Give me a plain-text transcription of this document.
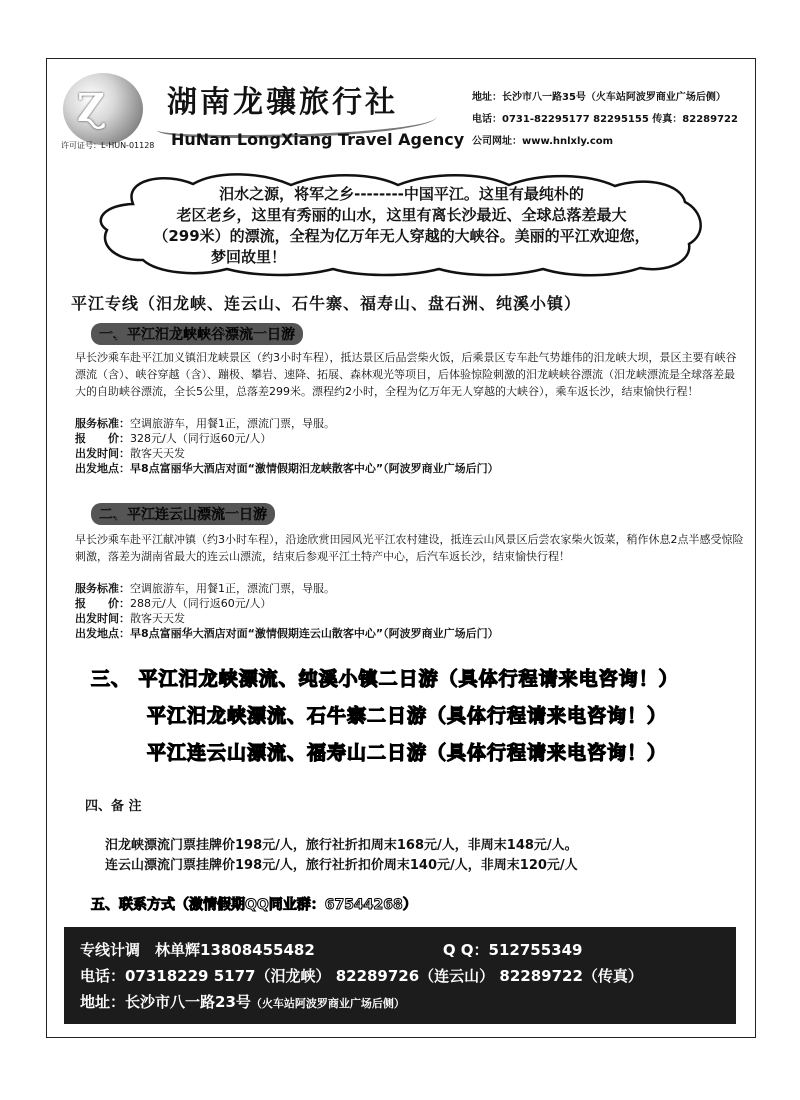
Ɀ
许可证号：L-HUN-01128
湖南龙骧旅行社
HuNan LongXiang Travel Agency
地址：长沙市八一路35号（火车站阿波罗商业广场后侧）
电话：0731-82295177 82295155 传真：82289722
公司网址：www.hnlxly.com
汨水之源，将军之乡--------中国平江。这里有最纯朴的
老区老乡，这里有秀丽的山水，这里有离长沙最近、全球总落差最大
（299米）的漂流，全程为亿万年无人穿越的大峡谷。美丽的平江欢迎您，
梦回故里！
平江专线（汨龙峡、连云山、石牛寨、福寿山、盘石洲、纯溪小镇）
一、平江汨龙峡峡谷漂流一日游
早长沙乘车赴平江加义镇汨龙峡景区（约3小时车程），抵达景区后品尝柴火饭，后乘景区专车赴气势雄伟的汨龙峡大坝，景区主要有峡谷漂流（含）、峡谷穿越（含）、蹦极、攀岩、速降、拓展、森林观光等项目，后体验惊险刺激的汨龙峡峡谷漂流（汨龙峡漂流是全球落差最大的自助峡谷漂流，全长5公里，总落差299米。漂程约2小时，全程为亿万年无人穿越的大峡谷），乘车返长沙，结束愉快行程！
服务标准：空调旅游车，用餐1正，漂流门票，导服。
报　　价：328元/人（同行返60元/人）
出发时间：散客天天发
出发地点：早8点富丽华大酒店对面“激情假期汨龙峡散客中心”（阿波罗商业广场后门）
二、平江连云山漂流一日游
早长沙乘车赴平江献冲镇（约3小时车程），沿途欣赏田园风光平江农村建设，抵连云山风景区后尝农家柴火饭菜，稍作休息2点半感受惊险刺激，落差为湖南省最大的连云山漂流，结束后参观平江土特产中心，后汽车返长沙，结束愉快行程！
服务标准：空调旅游车，用餐1正，漂流门票，导服。
报　　价：288元/人（同行返60元/人）
出发时间：散客天天发
出发地点：早8点富丽华大酒店对面“激情假期连云山散客中心”（阿波罗商业广场后门）
三、 平江汨龙峡漂流、纯溪小镇二日游（具体行程请来电咨询！）
平江汨龙峡漂流、石牛寨二日游（具体行程请来电咨询！）
平江连云山漂流、福寿山二日游（具体行程请来电咨询！）
四、备 注
汨龙峡漂流门票挂牌价198元/人，旅行社折扣周末168元/人，非周末148元/人。
连云山漂流门票挂牌价198元/人，旅行社折扣价周末140元/人，非周末120元/人
五、联系方式（激情假期QQ同业群：67544268）
专线计调　林单辉13808455482	Q Q：512755349
电话：07318229 5177（汨龙峡） 82289726（连云山） 82289722（传真）
地址：长沙市八一路23号（火车站阿波罗商业广场后侧）
